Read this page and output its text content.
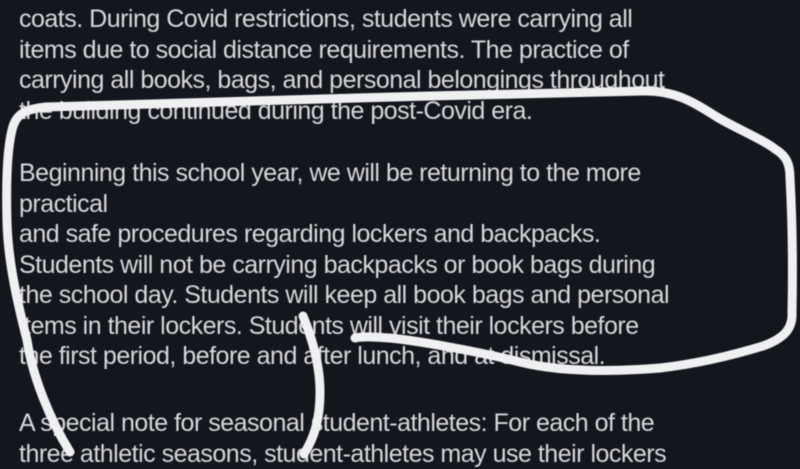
coats. During Covid restrictions, students were carrying all
items due to social distance requirements. The practice of
carrying all books, bags, and personal belongings throughout
the building continued during the post-Covid era.
Beginning this school year, we will be returning to the more
practical
and safe procedures regarding lockers and backpacks.
Students will not be carrying backpacks or book bags during
the school day. Students will keep all book bags and personal
items in their lockers. Students will visit their lockers before
the first period, before and after lunch, and at dismissal.
A special note for seasonal student-athletes: For each of the
three athletic seasons, student-athletes may use their lockers
